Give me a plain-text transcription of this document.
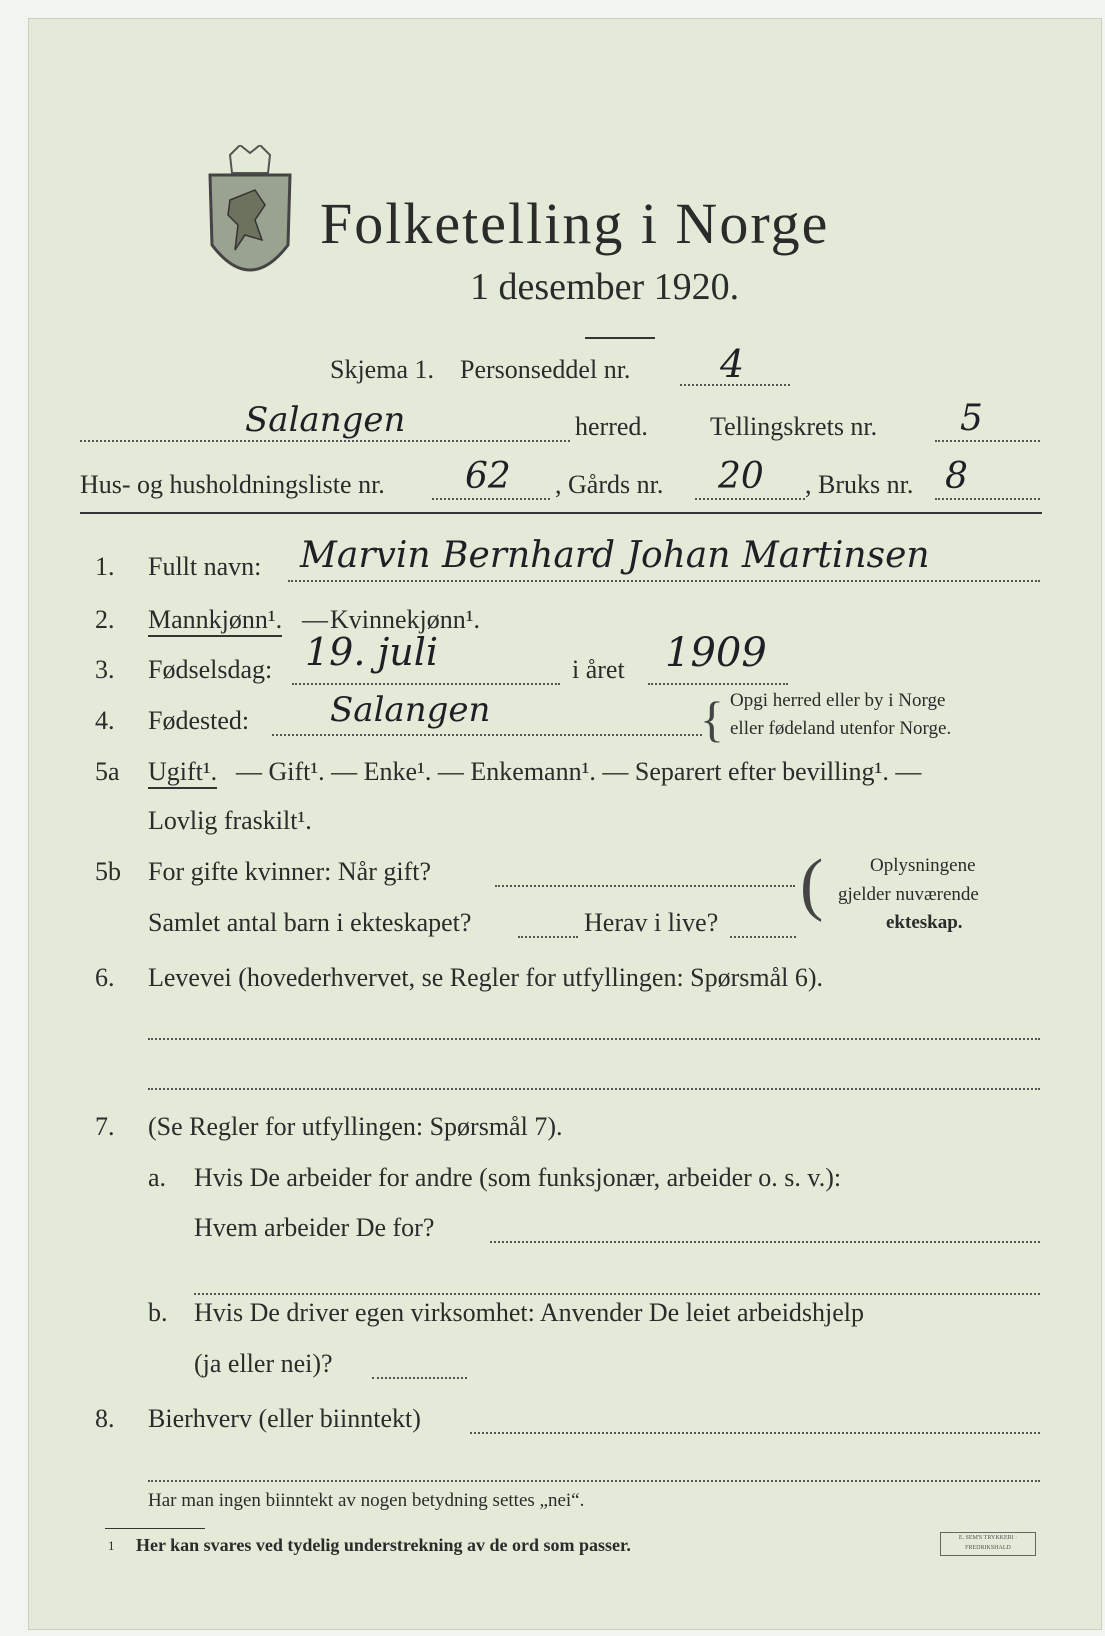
Folketelling i Norge
1 desember 1920.
Skjema 1. Personseddel nr. 4
Salangen	herred. Tellingskrets nr. 5
Hus- og husholdningsliste nr. 62 , Gårds nr. 20 , Bruks nr. 8
1. Fullt navn: Marvin Bernhard Johan Martinsen
2. Mannkjønn¹. — Kvinnekjønn¹.
3. Fødselsdag: 19. juli	i året 1909
4. Fødested: Salangen	{ Opgi herred eller by i Norge
eller fødeland utenfor Norge.
5a Ugift¹. — Gift¹. — Enke¹. — Enkemann¹. — Separert efter bevilling¹. —
Lovlig fraskilt¹.
5b For gifte kvinner: Når gift?
Samlet antal barn i ekteskapet?	Herav i live? ( Oplysningene
gjelder nuværende
ekteskap.
6. Levevei (hovederhvervet, se Regler for utfyllingen: Spørsmål 6).
7. (Se Regler for utfyllingen: Spørsmål 7).
a. Hvis De arbeider for andre (som funksjonær, arbeider o. s. v.):
Hvem arbeider De for?
b. Hvis De driver egen virksomhet: Anvender De leiet arbeidshjelp
(ja eller nei)?
8. Bierhverv (eller biinntekt)
Har man ingen biinntekt av nogen betydning settes „nei“.
1 Her kan svares ved tydelig understrekning av de ord som passer.	E. SEM'S TRYKKERI · FREDRIKSHALD
